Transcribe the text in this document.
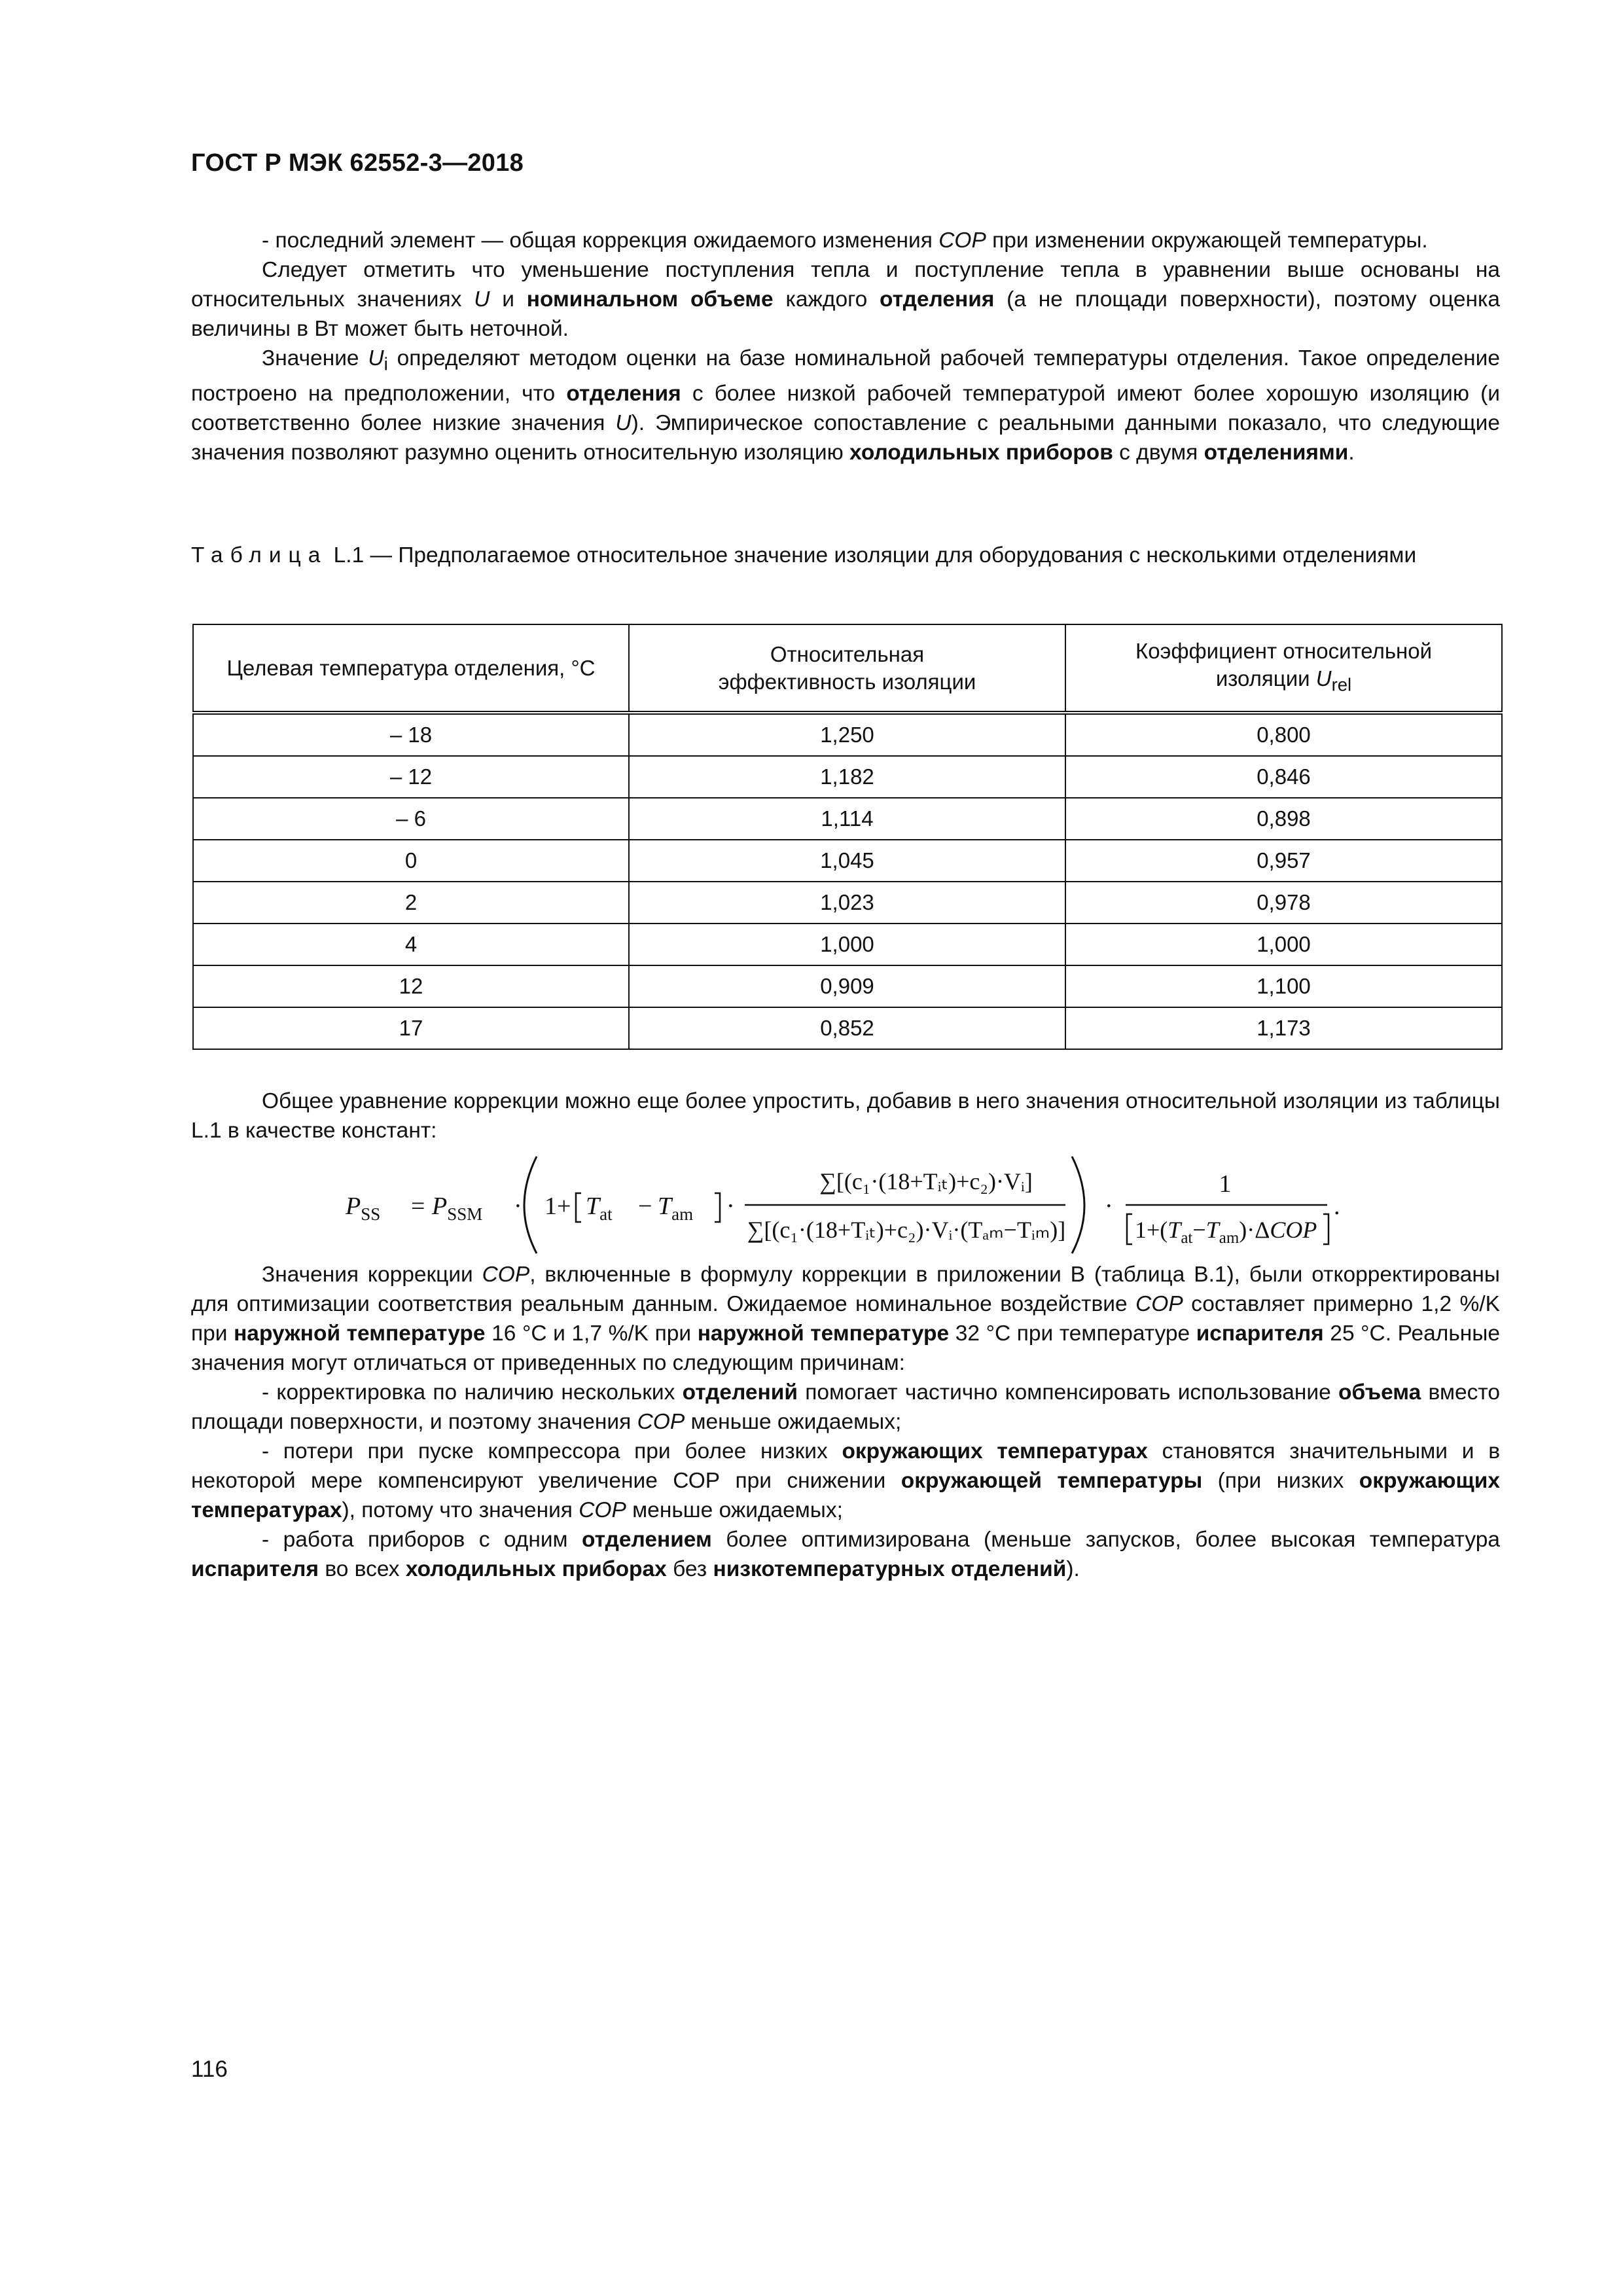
ГОСТ Р МЭК 62552-3—2018

- последний элемент — общая коррекция ожидаемого изменения COP при изменении окружающей температуры.

Следует отметить что уменьшение поступления тепла и поступление тепла в уравнении выше основаны на относительных значениях U и номинальном объеме каждого отделения (а не площади поверхности), поэтому оценка величины в Вт может быть неточной.

Значение $U_i$ определяют методом оценки на базе номинальной рабочей температуры отделения. Такое определение построено на предположении, что отделения с более низкой рабочей температурой имеют более хорошую изоляцию (и соответственно более низкие значения U). Эмпирическое сопоставление с реальными данными показало, что следующие значения позволяют разумно оценить относительную изоляцию холодильных приборов с двумя отделениями.

Таблица L.1 — Предполагаемое относительное значение изоляции для оборудования с несколькими отделениями
Целевая температура отделения, °C	Относительная эффективность изоляции	Коэффициент относительной изоляции $U_{rel}$
– 18	1,250	0,800
– 12	1,182	0,846
– 6	1,114	0,898
0	1,045	0,957
2	1,023	0,978
4	1,000	1,000
12	0,909	1,100
17	0,852	1,173

Общее уравнение коррекции можно еще более упростить, добавив в него значения относительной изоляции из таблицы L.1 в качестве констант:

$P_{SS} = P_{SSM} \cdot 1+ T_{at} - T_{am}$ ·
∑[(c₁·(18+Tᵢₜ)+c₂)·Vᵢ]
∑[(c₁·(18+Tᵢₜ)+c₂)·Vᵢ·(Tₐₘ−Tᵢₘ)]
·
1
$1+(T_{at}-T_{am})\cdot\Delta COP$
.

Значения коррекции COP, включенные в формулу коррекции в приложении В (таблица В.1), были откорректированы для оптимизации соответствия реальным данным. Ожидаемое номинальное воздействие COP составляет примерно 1,2 %/K при наружной температуре 16 °С и 1,7 %/K при наружной температуре 32 °С при температуре испарителя 25 °С. Реальные значения могут отличаться от приведенных по следующим причинам:

- корректировка по наличию нескольких отделений помогает частично компенсировать использование объема вместо площади поверхности, и поэтому значения COP меньше ожидаемых;

- потери при пуске компрессора при более низких окружающих температурах становятся значительными и в некоторой мере компенсируют увеличение СОР при снижении окружающей температуры (при низких окружающих температурах), потому что значения COP меньше ожидаемых;

- работа приборов с одним отделением более оптимизирована (меньше запусков, более высокая температура испарителя во всех холодильных приборах без низкотемпературных отделений).

116
